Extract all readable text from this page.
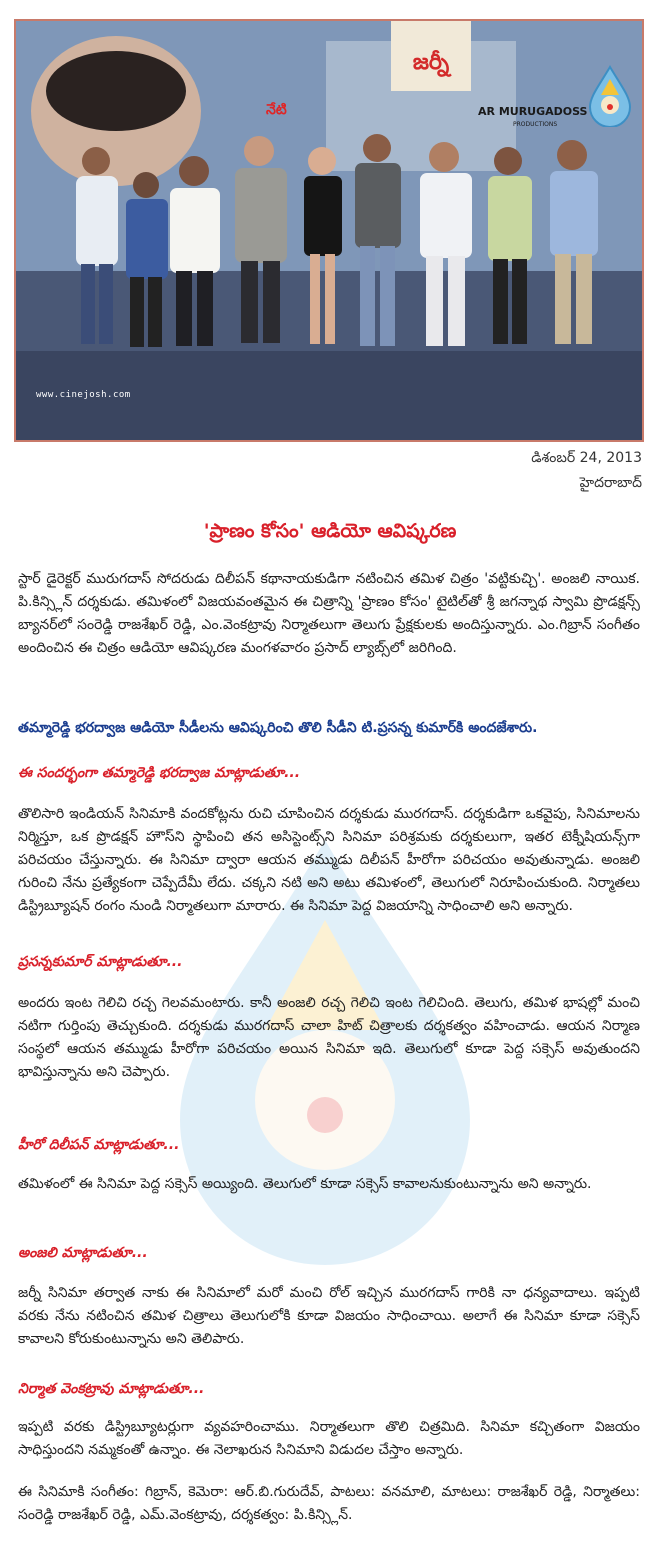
జర్నీ
నేటి	AR MURUGADOSS
PRODUCTIONS
www.cinejosh.com
డిశంబర్ 24, 2013
హైదరాబాద్
'ప్రాణం కోసం' ఆడియో ఆవిష్కరణ

స్టార్ డైరెక్టర్ మురుగదాస్ సోదరుడు దిలీపన్ కథానాయకుడిగా నటించిన తమిళ చిత్రం 'వట్టికుచ్చి'. అంజలి నాయిక. పి.కిన్స్లిన్ దర్శకుడు. తమిళంలో విజయవంతమైన ఈ చిత్రాన్ని 'ప్రాణం కోసం' టైటిల్‌తో శ్రీ జగన్నాథ స్వామి ప్రొడక్షన్స్ బ్యానర్‌లో సంరెడ్డి రాజశేఖర్ రెడ్డి, ఎం.వెంకట్రావు నిర్మాతలుగా తెలుగు ప్రేక్షకులకు అందిస్తున్నారు. ఎం.గిబ్రాన్ సంగీతం అందించిన ఈ చిత్రం ఆడియో ఆవిష్కరణ మంగళవారం ప్రసాద్ ల్యాబ్స్‌లో జరిగింది.

తమ్మారెడ్డి భరద్వాజ ఆడియో సీడీలను ఆవిష్కరించి తొలి సీడీని టి.ప్రసన్న కుమార్‌కి అందజేశారు.

ఈ సందర్భంగా తమ్మారెడ్డి భరద్వాజ మాట్లాడుతూ...

తొలిసారి ఇండియన్ సినిమాకి వందకోట్లను రుచి చూపించిన దర్శకుడు మురగదాస్. దర్శకుడిగా ఒకవైపు, సినిమాలను నిర్మిస్తూ, ఒక ప్రొడక్షన్ హౌస్‌ని స్థాపించి తన అసిస్టెంట్స్‌ని సినిమా పరిశ్రమకు దర్శకులుగా, ఇతర టెక్నీషియన్స్‌గా పరిచయం చేస్తున్నారు. ఈ సినిమా ద్వారా ఆయన తమ్ముడు దిలీపన్ హీరోగా పరిచయం అవుతున్నాడు. అంజలి గురించి నేను ప్రత్యేకంగా చెప్పేదేమీ లేదు. చక్కని నటి అని అటు తమిళంలో, తెలుగులో నిరూపించుకుంది. నిర్మాతలు డిస్ట్రిబ్యూషన్ రంగం నుండి నిర్మాతలుగా మారారు. ఈ సినిమా పెద్ద విజయాన్ని సాధించాలి అని అన్నారు.

ప్రసన్నకుమార్ మాట్లాడుతూ...

అందరు ఇంట గెలిచి రచ్చ గెలవమంటారు. కానీ అంజలి రచ్చ గెలిచి ఇంట గెలిచింది. తెలుగు, తమిళ భాషల్లో మంచి నటిగా గుర్తింపు తెచ్చుకుంది. దర్శకుడు మురగదాస్ చాలా హిట్ చిత్రాలకు దర్శకత్వం వహించాడు. ఆయన నిర్మాణ సంస్థలో ఆయన తమ్ముడు హీరోగా పరిచయం అయిన సినిమా ఇది. తెలుగులో కూడా పెద్ద సక్సెస్ అవుతుందని భావిస్తున్నాను అని చెప్పారు.

హీరో దిలీపన్ మాట్లాడుతూ...

తమిళంలో ఈ సినిమా పెద్ద సక్సెస్ అయ్యింది. తెలుగులో కూడా సక్సెస్ కావాలనుకుంటున్నాను అని అన్నారు.

అంజలి మాట్లాడుతూ...

జర్నీ సినిమా తర్వాత నాకు ఈ సినిమాలో మరో మంచి రోల్ ఇచ్చిన మురగదాస్ గారికి నా ధన్యవాదాలు. ఇప్పటి వరకు నేను నటించిన తమిళ చిత్రాలు తెలుగులోకి కూడా విజయం సాధించాయి. అలాగే ఈ సినిమా కూడా సక్సెస్ కావాలని కోరుకుంటున్నాను అని తెలిపారు.

నిర్మాత వెంకట్రావు మాట్లాడుతూ...

ఇప్పటి వరకు డిస్ట్రిబ్యూటర్లుగా వ్యవహరించాము. నిర్మాతలుగా తొలి చిత్రమిది. సినిమా కచ్చితంగా విజయం సాధిస్తుందని నమ్మకంతో ఉన్నాం. ఈ నెలాఖరున సినిమాని విడుదల చేస్తాం అన్నారు.

ఈ సినిమాకి సంగీతం: గిబ్రాన్, కెమెరా: ఆర్.బి.గురుదేవ్, పాటలు: వనమాలి, మాటలు: రాజశేఖర్ రెడ్డి, నిర్మాతలు: సంరెడ్డి రాజశేఖర్ రెడ్డి, ఎమ్.వెంకట్రావు, దర్శకత్వం: పి.కిన్స్లిన్.
